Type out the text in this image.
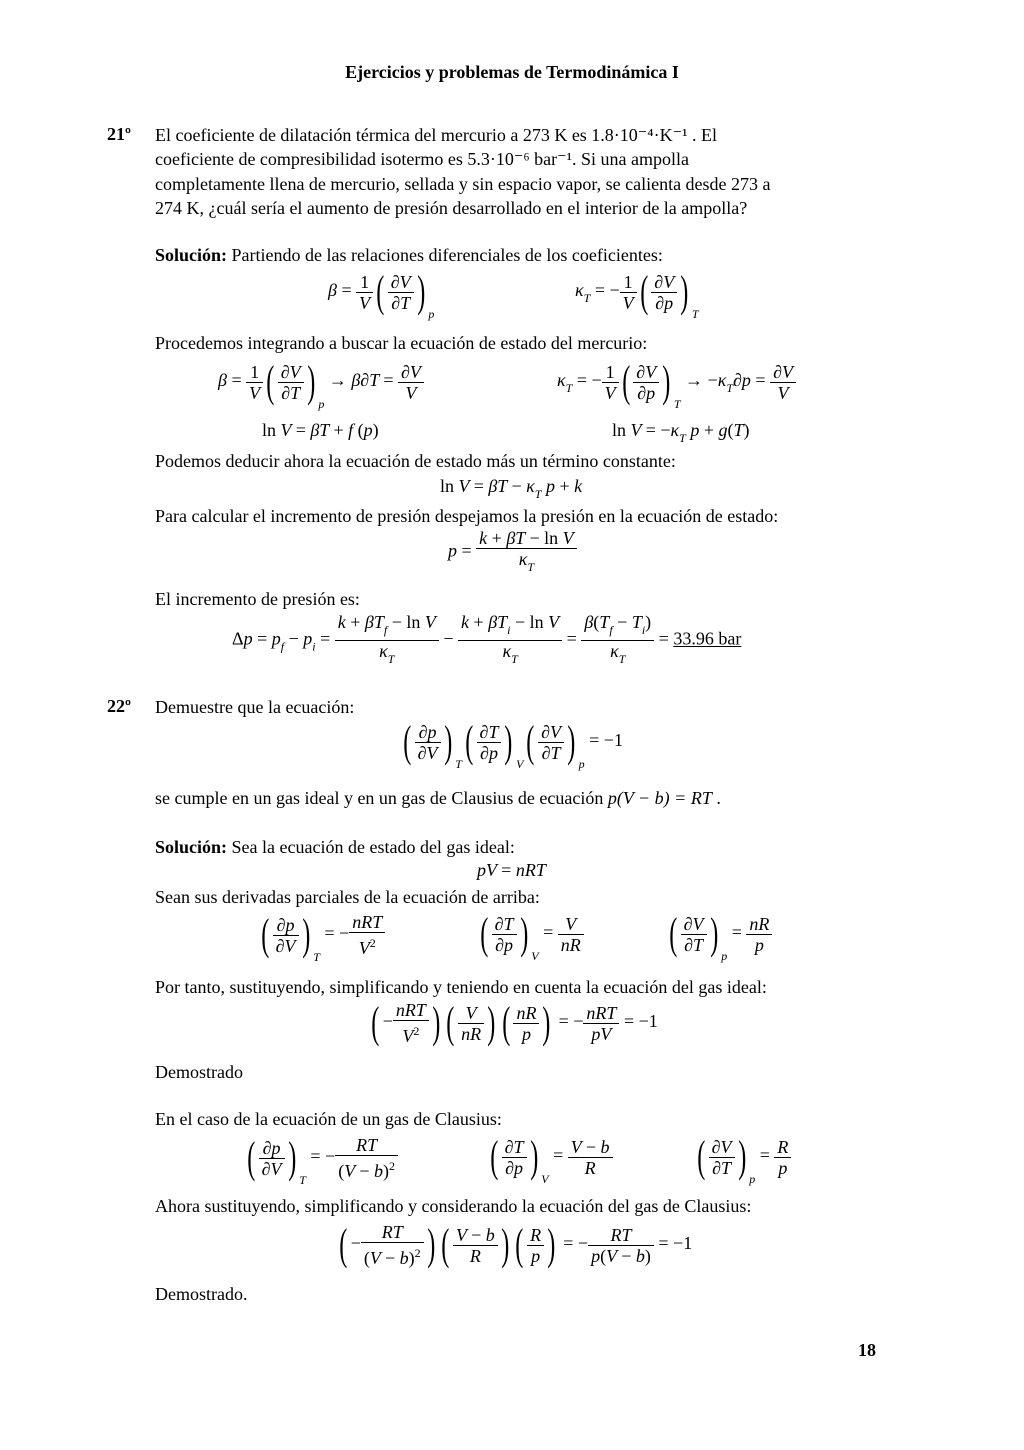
Ejercicios y problemas de Termodinámica I
21º El coeficiente de dilatación térmica del mercurio a 273 K es 1.8·10⁻⁴·K⁻¹ . El
coeficiente de compresibilidad isotermo es 5.3·10⁻⁶ bar⁻¹. Si una ampolla
completamente llena de mercurio, sellada y sin espacio vapor, se calienta desde 273 a
274 K, ¿cuál sería el aumento de presión desarrollado en el interior de la ampolla?
Solución: Partiendo de las relaciones diferenciales de los coeficientes:
$\beta = \frac{1}{V}$ ( $\frac{\partial V}{\partial T}$ ) $_p$
$\kappa_T$ = − $\frac{1}{V}$ ( $\frac{\partial V}{\partial p}$ ) $_T$
Procedemos integrando a buscar la ecuación de estado del mercurio:
$\beta = \frac{1}{V}$ ( $\frac{\partial V}{\partial T}$ ) $_p \to \beta\partial T = \frac{\partial V}{V}$	$\kappa_T$ = − $\frac{1}{V}$ ( $\frac{\partial V}{\partial p}$ ) $_T \to -\kappa_T\partial p = \frac{\partial V}{V}$
ln V = βT + f (p)	$\ln V = -\kappa_T$ p + g(T)
Podemos deducir ahora la ecuación de estado más un término constante:
$\ln V = \beta T - \kappa_T$ p + k
Para calcular el incremento de presión despejamos la presión en la ecuación de estado:
$p = \frac{\text{k + βT − ln V}}{\kappa_T}$
El incremento de presión es:
$\Delta p = p_f - p_i = \frac{k + \beta T_f - \ln V}{\kappa_T} - \frac{k + \beta T_i - \ln V}{\kappa_T} = \frac{\beta(T_f - T_i)}{\kappa_T} = 33.96$ bar
22º Demuestre que la ecuación:
( $\frac{\partial p}{\partial V}$ ) $_T( \frac{\partial T}{\partial p}$ ) $_V( \frac{\partial V}{\partial T}$ ) $_p$ = −1
se cumple en un gas ideal y en un gas de Clausius de ecuación p(V − b) = RT .
Solución: Sea la ecuación de estado del gas ideal:
pV = nRT
Sean sus derivadas parciales de la ecuación de arriba:
( $\frac{\partial p}{\partial V}$ ) $_T$ = − $\frac{\text{nRT}}{V^2}$ ( $\frac{\partial T}{\partial p}$ ) $_V = \frac{V}{nR}$ ( $\frac{\partial V}{\partial T}$ ) $_p = \frac{nR}{p}$
Por tanto, sustituyendo, simplificando y teniendo en cuenta la ecuación del gas ideal:
( − $\frac{\text{nRT}}{V^2}$ ) ( $\frac{V}{nR}$ ) ( $\frac{nR}{p}$ ) = − $\frac{\text{nRT}}{pV} = -1$
Demostrado
En el caso de la ecuación de un gas de Clausius:
( $\frac{\partial p}{\partial V}$ ) $_T$ = − $\frac{RT}{(V - b)^2}$ ( $\frac{\partial T}{\partial p}$ ) $_V = \frac{V - b}{R}$ ( $\frac{\partial V}{\partial T}$ ) $_p = \frac{R}{p}$
Ahora sustituyendo, simplificando y considerando la ecuación del gas de Clausius:
( − $\frac{RT}{(V - b)^2}$ ) ( $\frac{V - b}{R}$ ) ( $\frac{R}{p}$ ) = − $\frac{RT}{p(V - b)} = -1$
Demostrado.
18
